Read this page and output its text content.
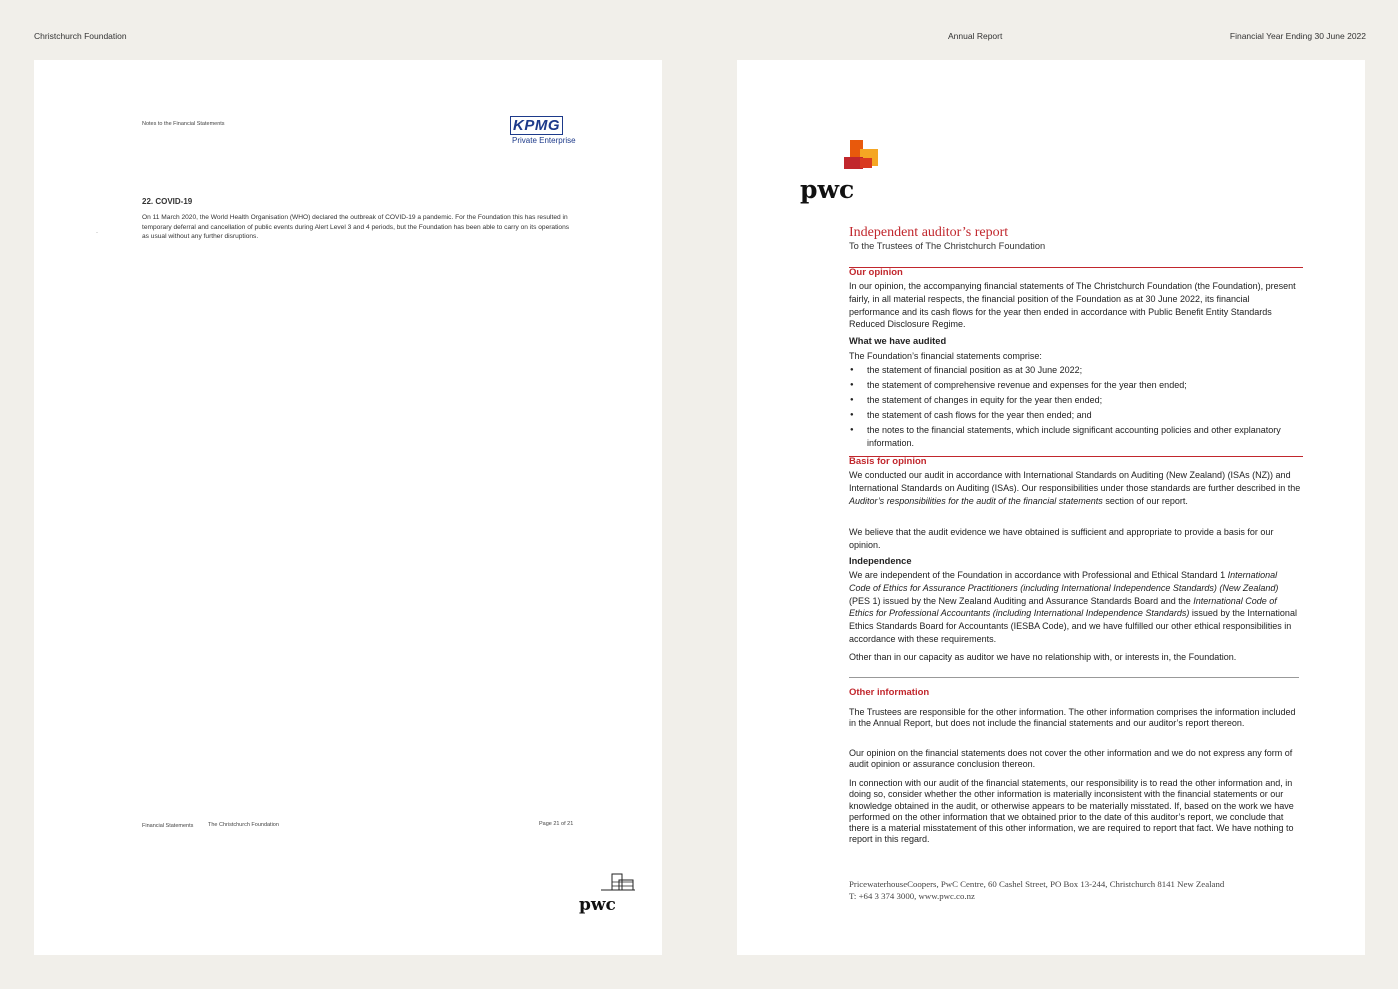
Christchurch Foundation	Annual Report	Financial Year Ending 30 June 2022
Notes to the Financial Statements	KPMG
Private Enterprise
22. COVID-19
On 11 March 2020, the World Health Organisation (WHO) declared the outbreak of COVID-19 a pandemic. For the Foundation this has resulted in temporary deferral and cancellation of public events during Alert Level 3 and 4 periods, but the Foundation has been able to carry on its operations as usual without any further disruptions.
·
Financial Statements	The Christchurch Foundation	Page 21 of 21
pwc
pwc
Independent auditor’s report
To the Trustees of The Christchurch Foundation
Our opinion
In our opinion, the accompanying financial statements of The Christchurch Foundation (the Foundation), present fairly, in all material respects, the financial position of the Foundation as at 30 June 2022, its financial performance and its cash flows for the year then ended in accordance with Public Benefit Entity Standards Reduced Disclosure Regime.
What we have audited
The Foundation’s financial statements comprise:
● the statement of financial position as at 30 June 2022;
● the statement of comprehensive revenue and expenses for the year then ended;
● the statement of changes in equity for the year then ended;
● the statement of cash flows for the year then ended; and
● the notes to the financial statements, which include significant accounting policies and other explanatory information.
Basis for opinion
We conducted our audit in accordance with International Standards on Auditing (New Zealand) (ISAs (NZ)) and International Standards on Auditing (ISAs). Our responsibilities under those standards are further described in the Auditor’s responsibilities for the audit of the financial statements section of our report.
We believe that the audit evidence we have obtained is sufficient and appropriate to provide a basis for our opinion.
Independence
We are independent of the Foundation in accordance with Professional and Ethical Standard 1 International Code of Ethics for Assurance Practitioners (including International Independence Standards) (New Zealand) (PES 1) issued by the New Zealand Auditing and Assurance Standards Board and the International Code of Ethics for Professional Accountants (including International Independence Standards) issued by the International Ethics Standards Board for Accountants (IESBA Code), and we have fulfilled our other ethical responsibilities in accordance with these requirements.
Other than in our capacity as auditor we have no relationship with, or interests in, the Foundation.
Other information
The Trustees are responsible for the other information. The other information comprises the information included in the Annual Report, but does not include the financial statements and our auditor’s report thereon.
Our opinion on the financial statements does not cover the other information and we do not express any form of audit opinion or assurance conclusion thereon.
In connection with our audit of the financial statements, our responsibility is to read the other information and, in doing so, consider whether the other information is materially inconsistent with the financial statements or our knowledge obtained in the audit, or otherwise appears to be materially misstated. If, based on the work we have performed on the other information that we obtained prior to the date of this auditor’s report, we conclude that there is a material misstatement of this other information, we are required to report that fact. We have nothing to report in this regard.
PricewaterhouseCoopers, PwC Centre, 60 Cashel Street, PO Box 13-244, Christchurch 8141 New Zealand
T: +64 3 374 3000, www.pwc.co.nz
